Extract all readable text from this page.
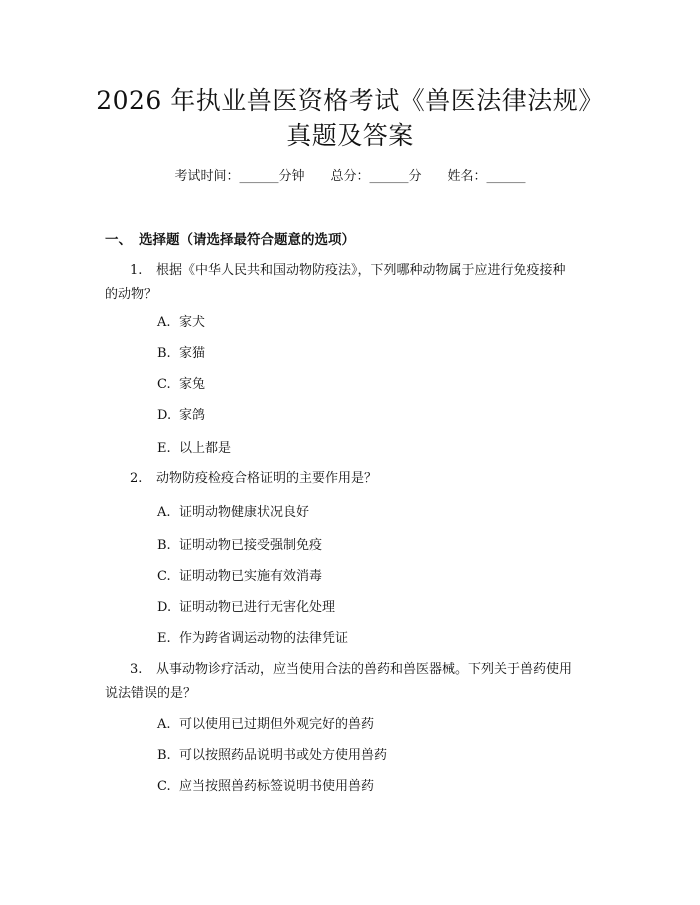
2026 年执业兽医资格考试《兽医法律法规》
真题及答案
考试时间：______分钟 总分：______分 姓名：______
一、 选择题（请选择最符合题意的选项）
1. 根据《中华人民共和国动物防疫法》，下列哪种动物属于应进行免疫接种
的动物？
A. 家犬
B. 家猫
C. 家兔
D. 家鸽
E. 以上都是
2. 动物防疫检疫合格证明的主要作用是？
A. 证明动物健康状况良好
B. 证明动物已接受强制免疫
C. 证明动物已实施有效消毒
D. 证明动物已进行无害化处理
E. 作为跨省调运动物的法律凭证
3. 从事动物诊疗活动，应当使用合法的兽药和兽医器械。下列关于兽药使用
说法错误的是？
A. 可以使用已过期但外观完好的兽药
B. 可以按照药品说明书或处方使用兽药
C. 应当按照兽药标签说明书使用兽药
